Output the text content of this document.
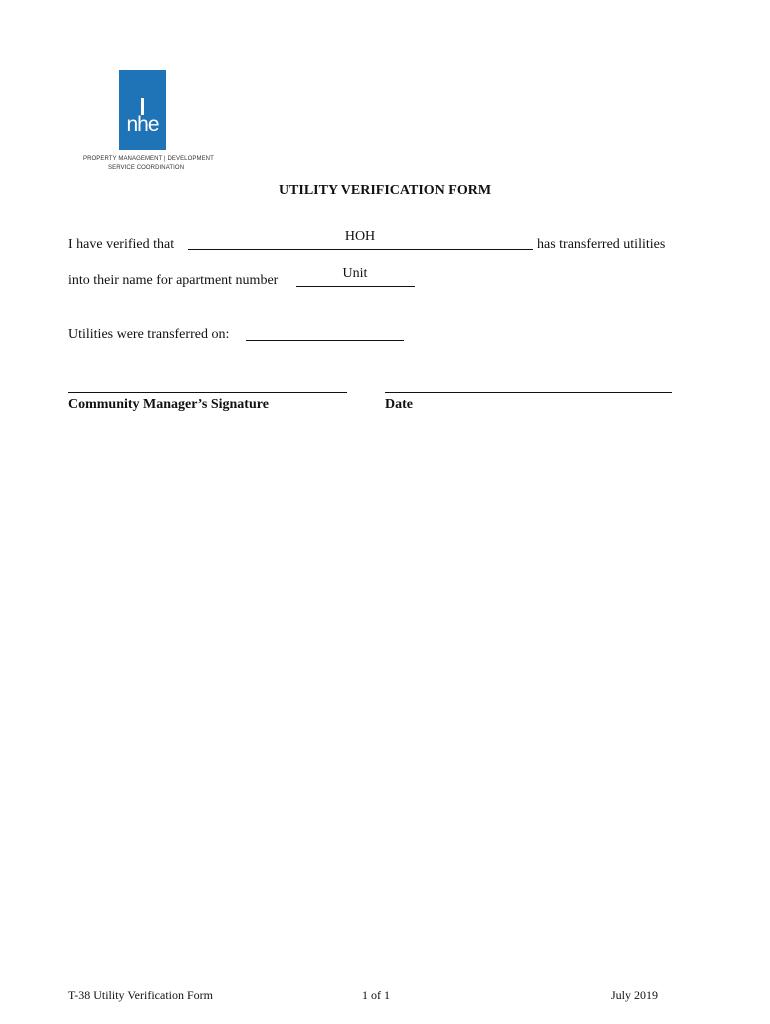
nhe
PROPERTY MANAGEMENT | DEVELOPMENT
SERVICE COORDINATION
UTILITY VERIFICATION FORM
I have verified that
HOH
has transferred utilities
into their name for apartment number	Unit
Utilities were transferred on:
Community Manager’s Signature	Date
T-38 Utility Verification Form	1 of 1	July 2019
